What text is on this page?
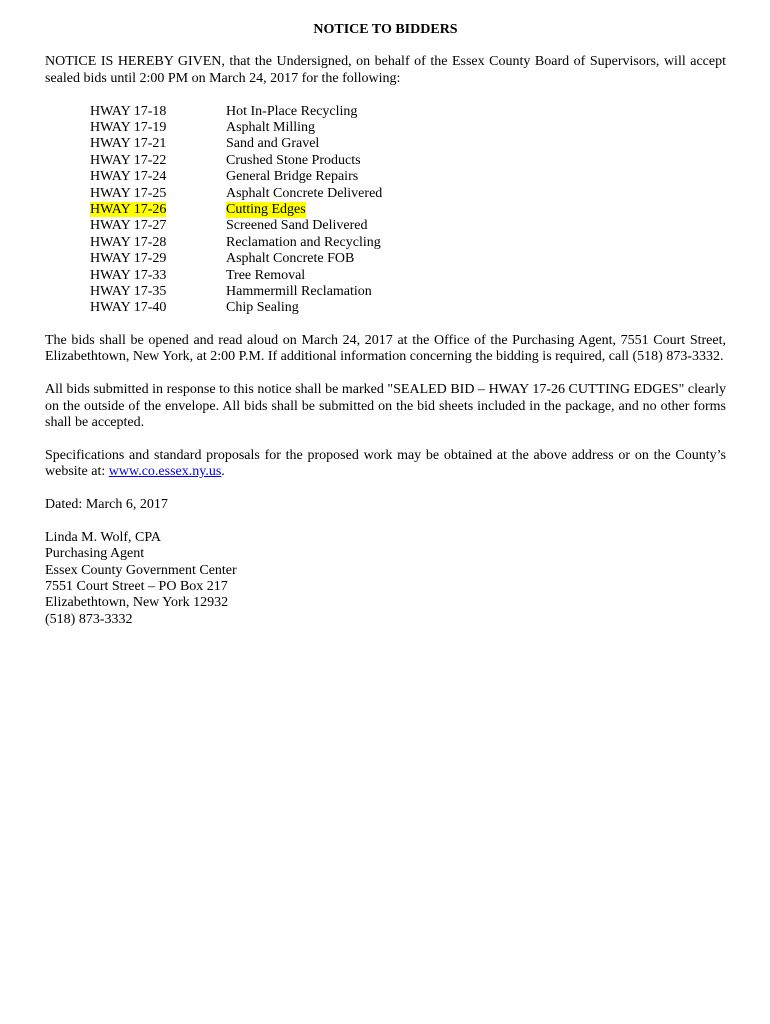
NOTICE TO BIDDERS

NOTICE IS HEREBY GIVEN, that the Undersigned, on behalf of the Essex County Board of Supervisors, will accept sealed bids until 2:00 PM on March 24, 2017 for the following:

HWAY 17-18	Hot In-Place Recycling
HWAY 17-19	Asphalt Milling
HWAY 17-21	Sand and Gravel
HWAY 17-22	Crushed Stone Products
HWAY 17-24	General Bridge Repairs
HWAY 17-25	Asphalt Concrete Delivered
HWAY 17-26	Cutting Edges
HWAY 17-27	Screened Sand Delivered
HWAY 17-28	Reclamation and Recycling
HWAY 17-29	Asphalt Concrete FOB
HWAY 17-33	Tree Removal
HWAY 17-35	Hammermill Reclamation
HWAY 17-40	Chip Sealing

The bids shall be opened and read aloud on March 24, 2017 at the Office of the Purchasing Agent, 7551 Court Street, Elizabethtown, New York, at 2:00 P.M. If additional information concerning the bidding is required, call (518) 873-3332.

All bids submitted in response to this notice shall be marked "SEALED BID – HWAY 17-26 CUTTING EDGES" clearly on the outside of the envelope. All bids shall be submitted on the bid sheets included in the package, and no other forms shall be accepted.

Specifications and standard proposals for the proposed work may be obtained at the above address or on the County’s website at: www.co.essex.ny.us.

Dated: March 6, 2017

Linda M. Wolf, CPA
Purchasing Agent
Essex County Government Center
7551 Court Street – PO Box 217
Elizabethtown, New York 12932
(518) 873-3332
